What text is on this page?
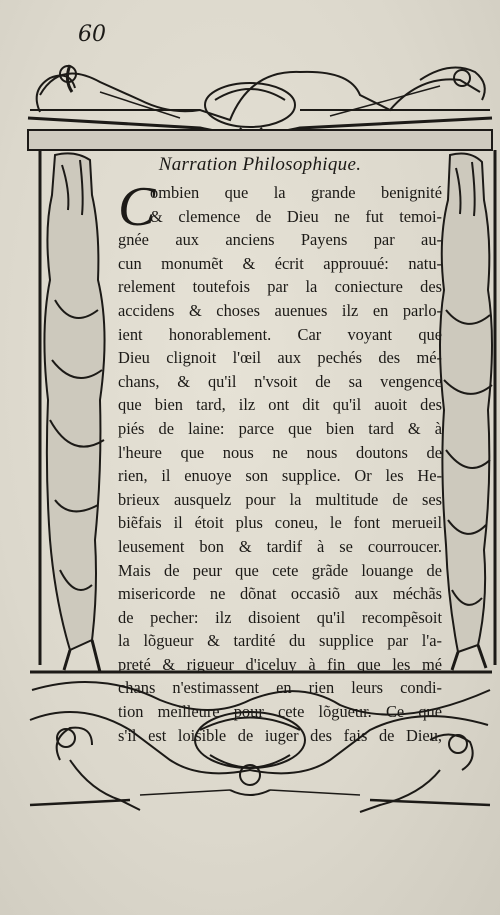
60
Narration Philosophique.
C
ombien que la grande benignité
& clemence de Dieu ne fut temoi-
gnée aux anciens Payens par au-
cun monumẽt & écrit approuué: natu-
relement toutefois par la coniecture des
accidens & choses auenues ilz en parlo-
ient honorablement. Car voyant que
Dieu clignoit l'œil aux pechés des mé-
chans, & qu'il n'vsoit de sa vengence
que bien tard, ilz ont dit qu'il auoit des
piés de laine: parce que bien tard & à
l'heure que nous ne nous doutons de
rien, il enuoye son supplice. Or les He-
brieux ausquelz pour la multitude de ses
biẽfais il étoit plus coneu, le font merueil
leusement bon & tardif à se courroucer.
Mais de peur que cete grãde louange de
misericorde ne dõnat occasiõ aux méchãs
de pecher: ilz disoient qu'il recompẽsoit
la lõgueur & tardité du supplice par l'a-
preté & rigueur d'iceluy à fin que les mé
chans n'estimassent en rien leurs condi-
tion meilleure pour cete lõgueur. Ce que
s'il est loisible de iuger des fais de Dieu,
